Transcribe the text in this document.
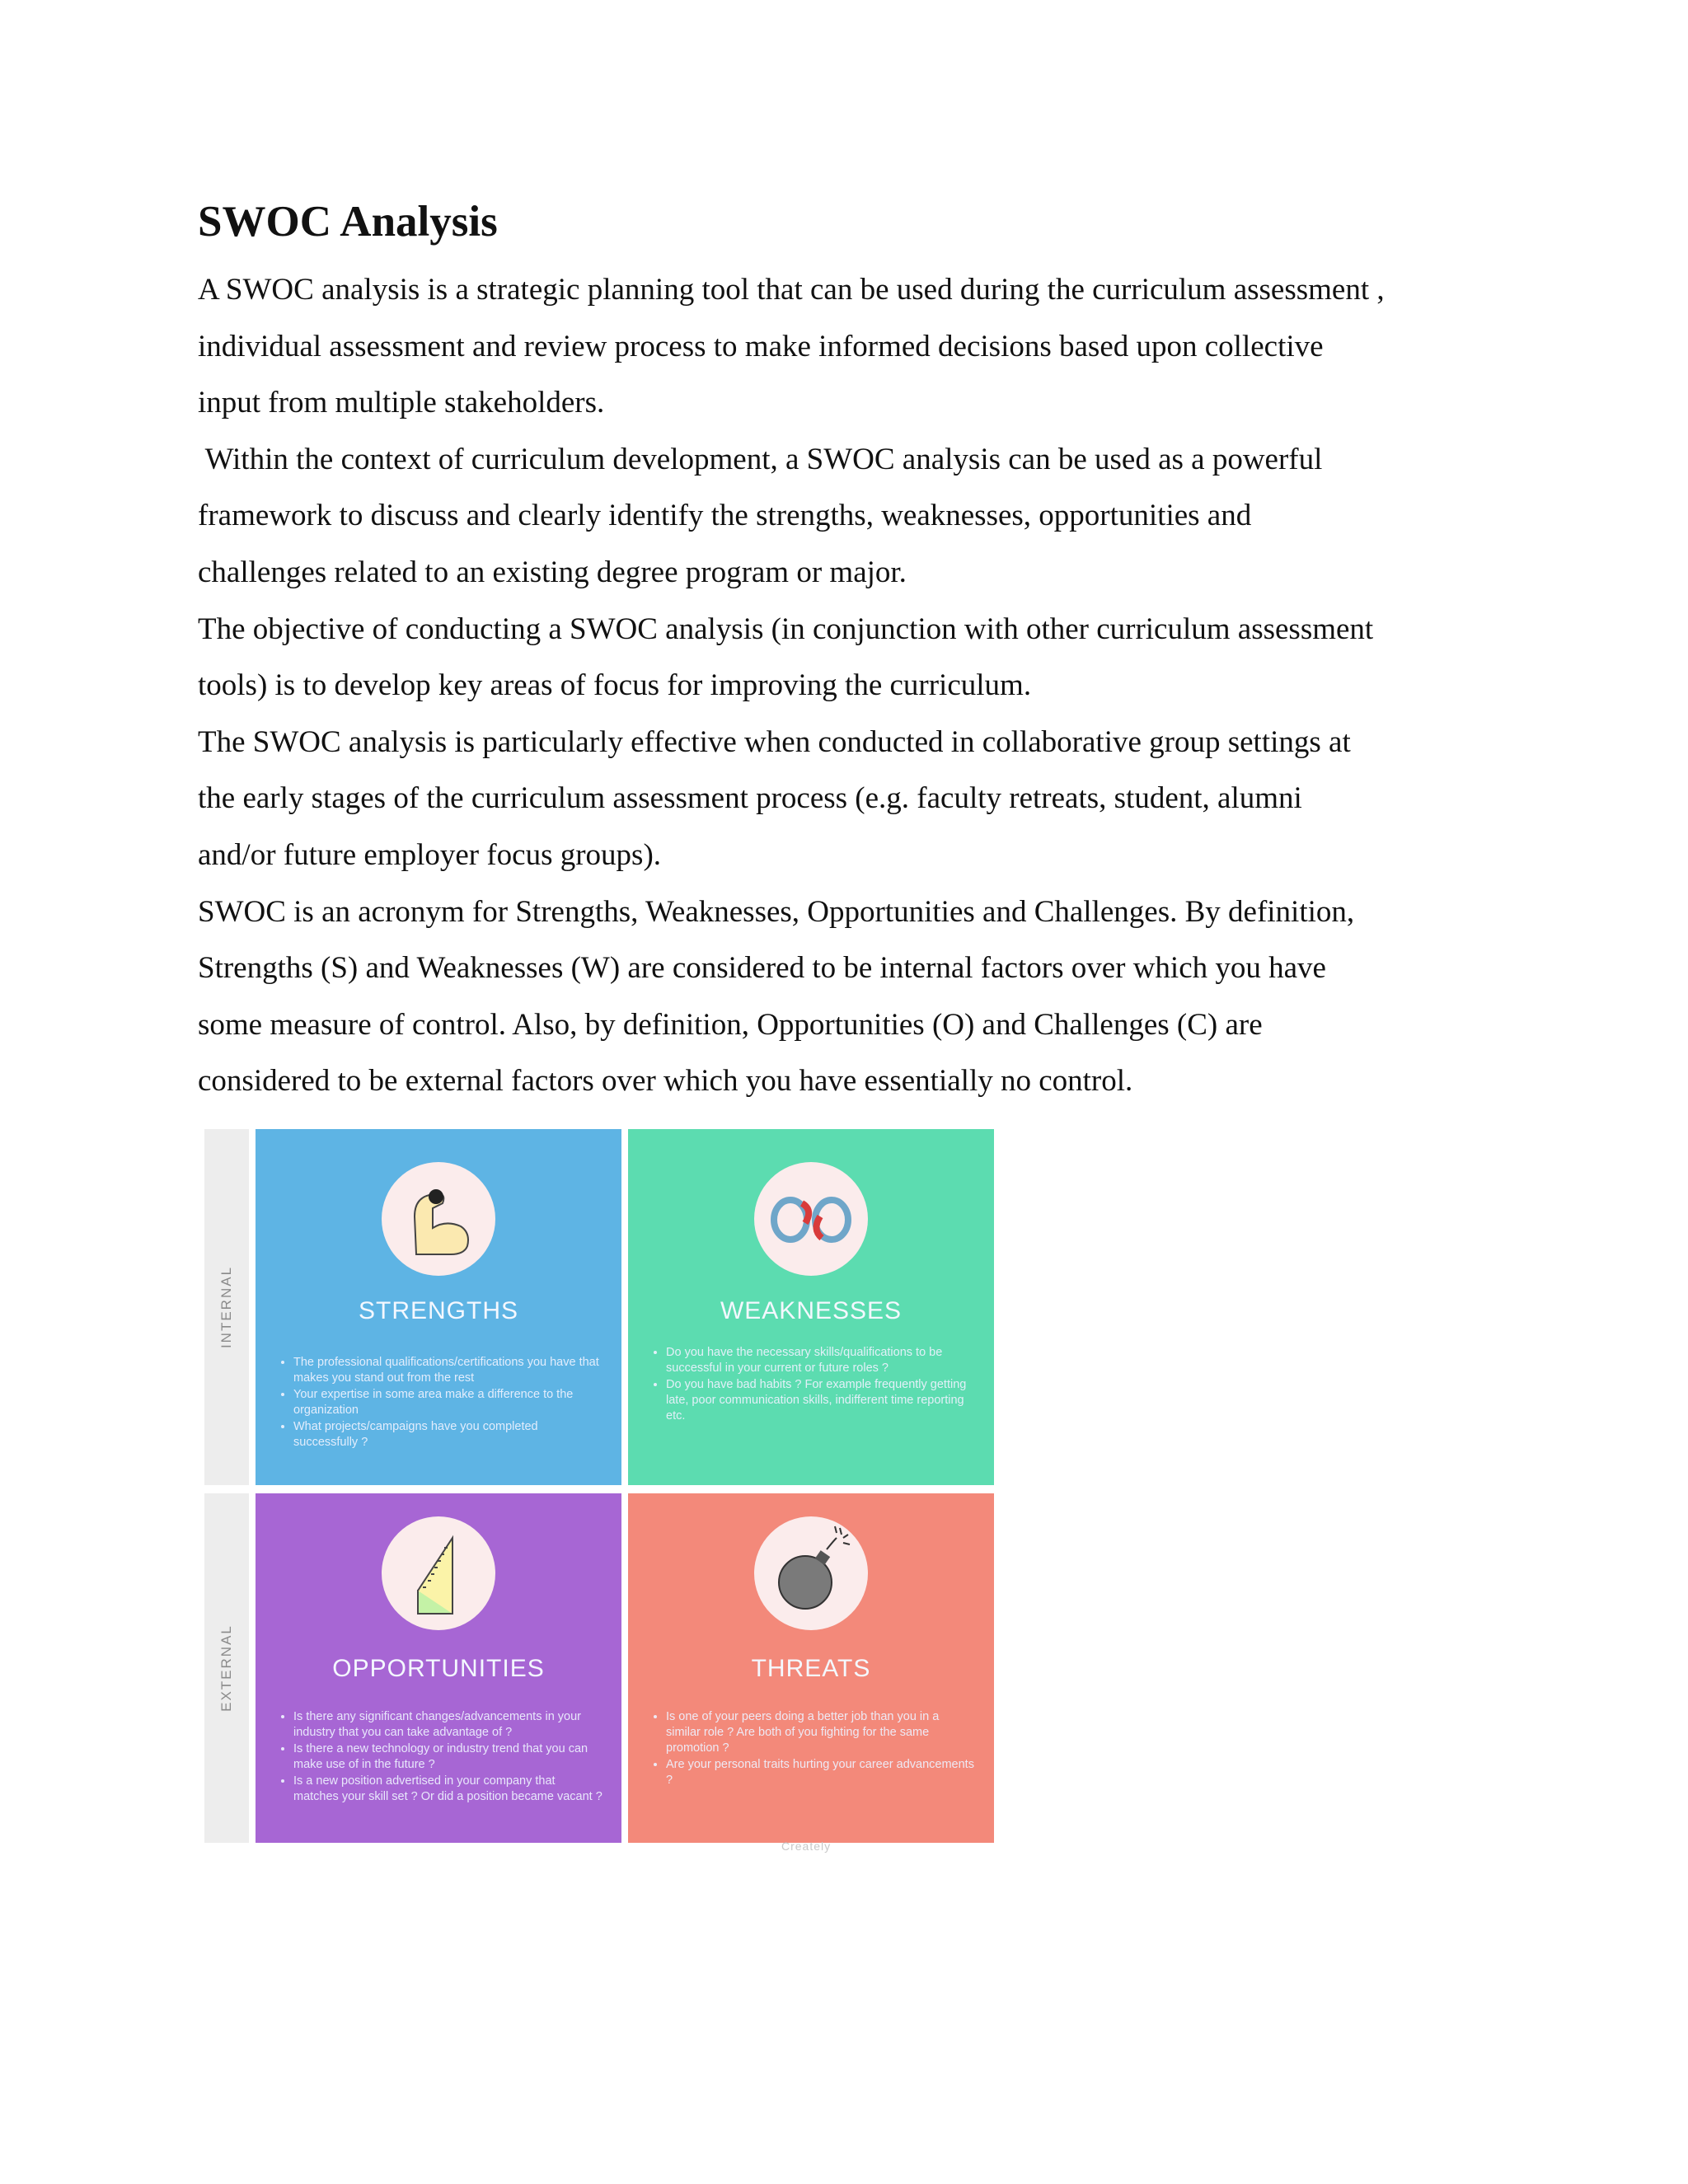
SWOC Analysis
A SWOC analysis is a strategic planning tool that can be used during the curriculum assessment ,
individual assessment and review process to make informed decisions based upon collective
input from multiple stakeholders.
Within the context of curriculum development, a SWOC analysis can be used as a powerful
framework to discuss and clearly identify the strengths, weaknesses, opportunities and
challenges related to an existing degree program or major.
The objective of conducting a SWOC analysis (in conjunction with other curriculum assessment
tools) is to develop key areas of focus for improving the curriculum.
The SWOC analysis is particularly effective when conducted in collaborative group settings at
the early stages of the curriculum assessment process (e.g. faculty retreats, student, alumni
and/or future employer focus groups).
SWOC is an acronym for Strengths, Weaknesses, Opportunities and Challenges. By definition,
Strengths (S) and Weaknesses (W) are considered to be internal factors over which you have
some measure of control. Also, by definition, Opportunities (O) and Challenges (C) are
considered to be external factors over which you have essentially no control.
INTERNAL
EXTERNAL
STRENGTHS
• The professional qualifications/certifications you have that makes you stand out from the rest
• Your expertise in some area make a difference to the organization
• What projects/campaigns have you completed successfully ?
WEAKNESSES
• Do you have the necessary skills/qualifications to be successful in your current or future roles ?
• Do you have bad habits ? For example frequently getting late, poor communication skills, indifferent time reporting etc.
OPPORTUNITIES
• Is there any significant changes/advancements in your industry that you can take advantage of ?
• Is there a new technology or industry trend that you can make use of in the future ?
• Is a new position advertised in your company that matches your skill set ? Or did a position became vacant ?
THREATS
• Is one of your peers doing a better job than you in a similar role ? Are both of you fighting for the same promotion ?
• Are your personal traits hurting your career advancements ?
Creately
